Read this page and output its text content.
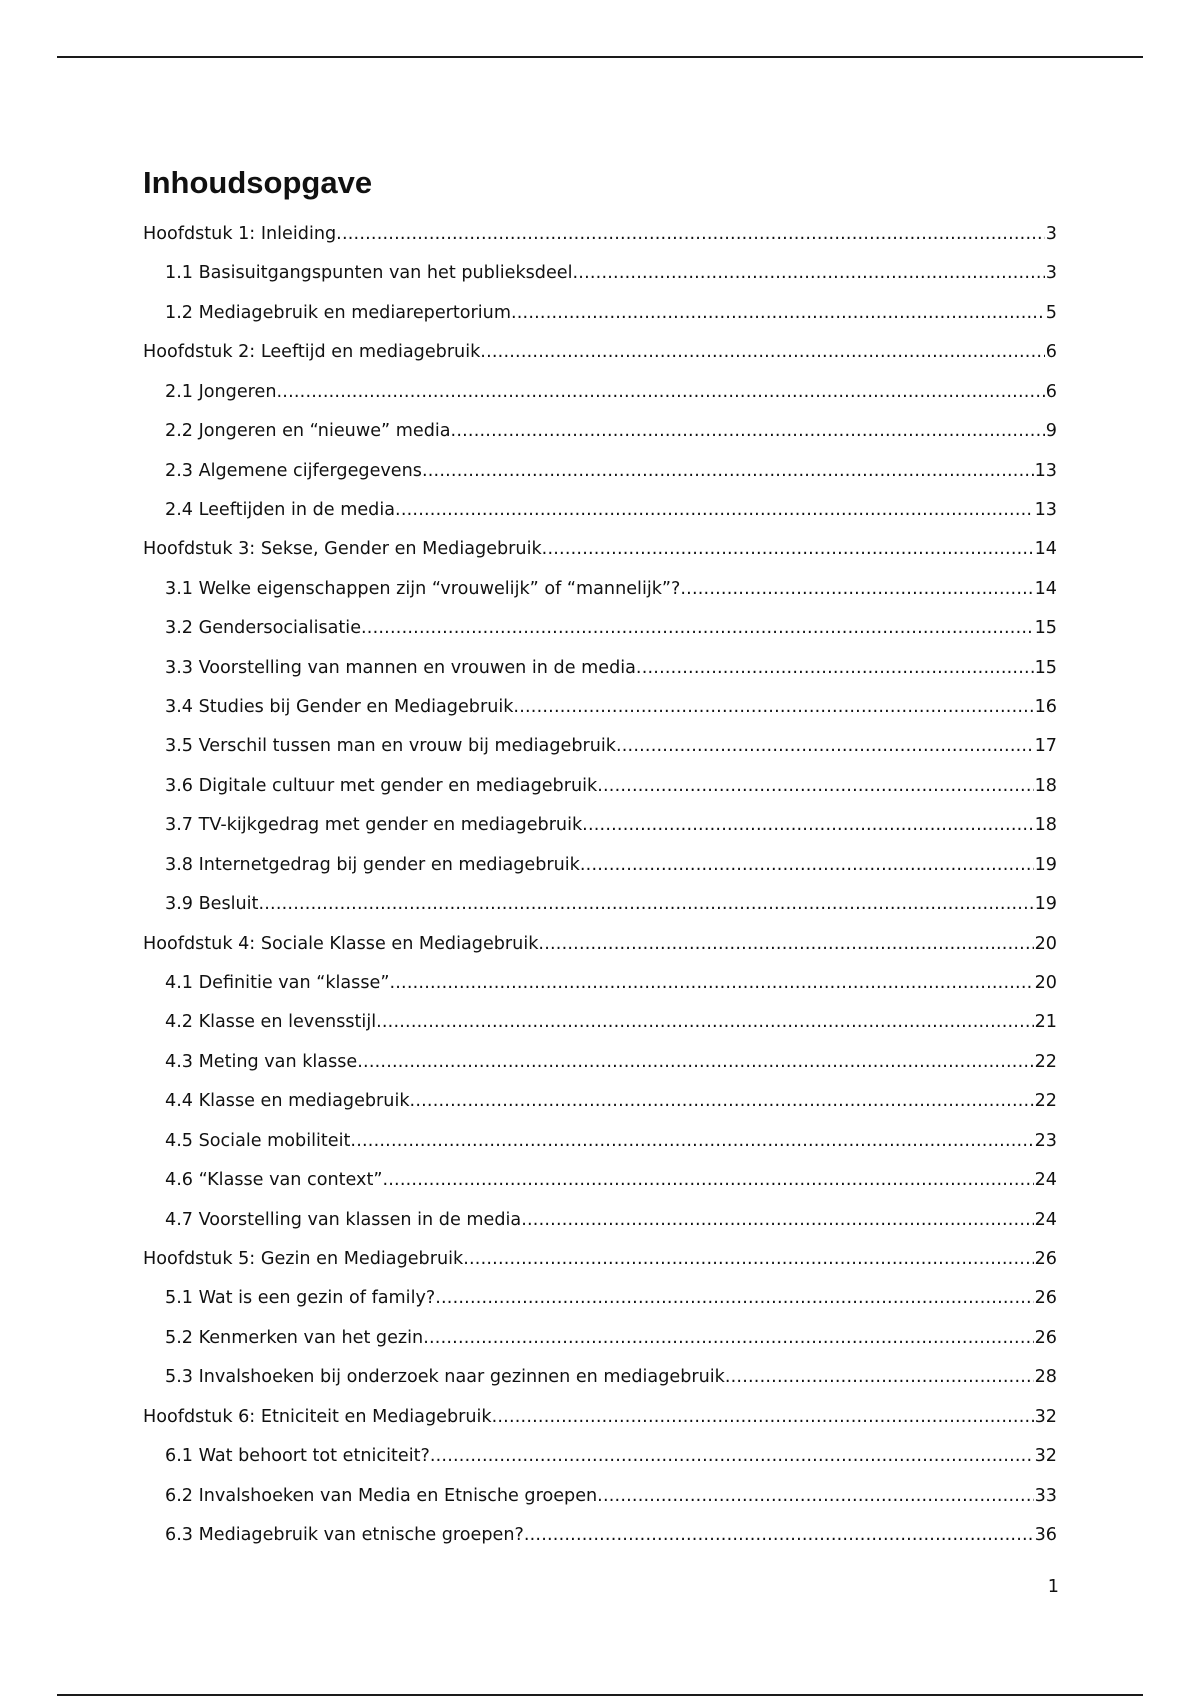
Inhoudsopgave
Hoofdstuk 1: Inleiding .....	3
1.1 Basisuitgangspunten van het publieksdeel .....	3
1.2 Mediagebruik en mediarepertorium .....	5
Hoofdstuk 2: Leeftijd en mediagebruik .....	6
2.1 Jongeren .....	6
2.2 Jongeren en “nieuwe” media .....	9
2.3 Algemene cijfergegevens .....	13
2.4 Leeftijden in de media .....	13
Hoofdstuk 3: Sekse, Gender en Mediagebruik .....	14
3.1 Welke eigenschappen zijn “vrouwelijk” of “mannelijk”? .....	14
3.2 Gendersocialisatie .....	15
3.3 Voorstelling van mannen en vrouwen in de media .....	15
3.4 Studies bij Gender en Mediagebruik .....	16
3.5 Verschil tussen man en vrouw bij mediagebruik .....	17
3.6 Digitale cultuur met gender en mediagebruik .....	18
3.7 TV-kijkgedrag met gender en mediagebruik .....	18
3.8 Internetgedrag bij gender en mediagebruik .....	19
3.9 Besluit .....	19
Hoofdstuk 4: Sociale Klasse en Mediagebruik .....	20
4.1 Definitie van “klasse” .....	20
4.2 Klasse en levensstijl .....	21
4.3 Meting van klasse .....	22
4.4 Klasse en mediagebruik .....	22
4.5 Sociale mobiliteit .....	23
4.6 “Klasse van context” .....	24
4.7 Voorstelling van klassen in de media .....	24
Hoofdstuk 5: Gezin en Mediagebruik .....	26
5.1 Wat is een gezin of family? .....	26
5.2 Kenmerken van het gezin .....	26
5.3 Invalshoeken bij onderzoek naar gezinnen en mediagebruik .....	28
Hoofdstuk 6: Etniciteit en Mediagebruik .....	32
6.1 Wat behoort tot etniciteit? .....	32
6.2 Invalshoeken van Media en Etnische groepen .....	33
6.3 Mediagebruik van etnische groepen? .....	36
1
